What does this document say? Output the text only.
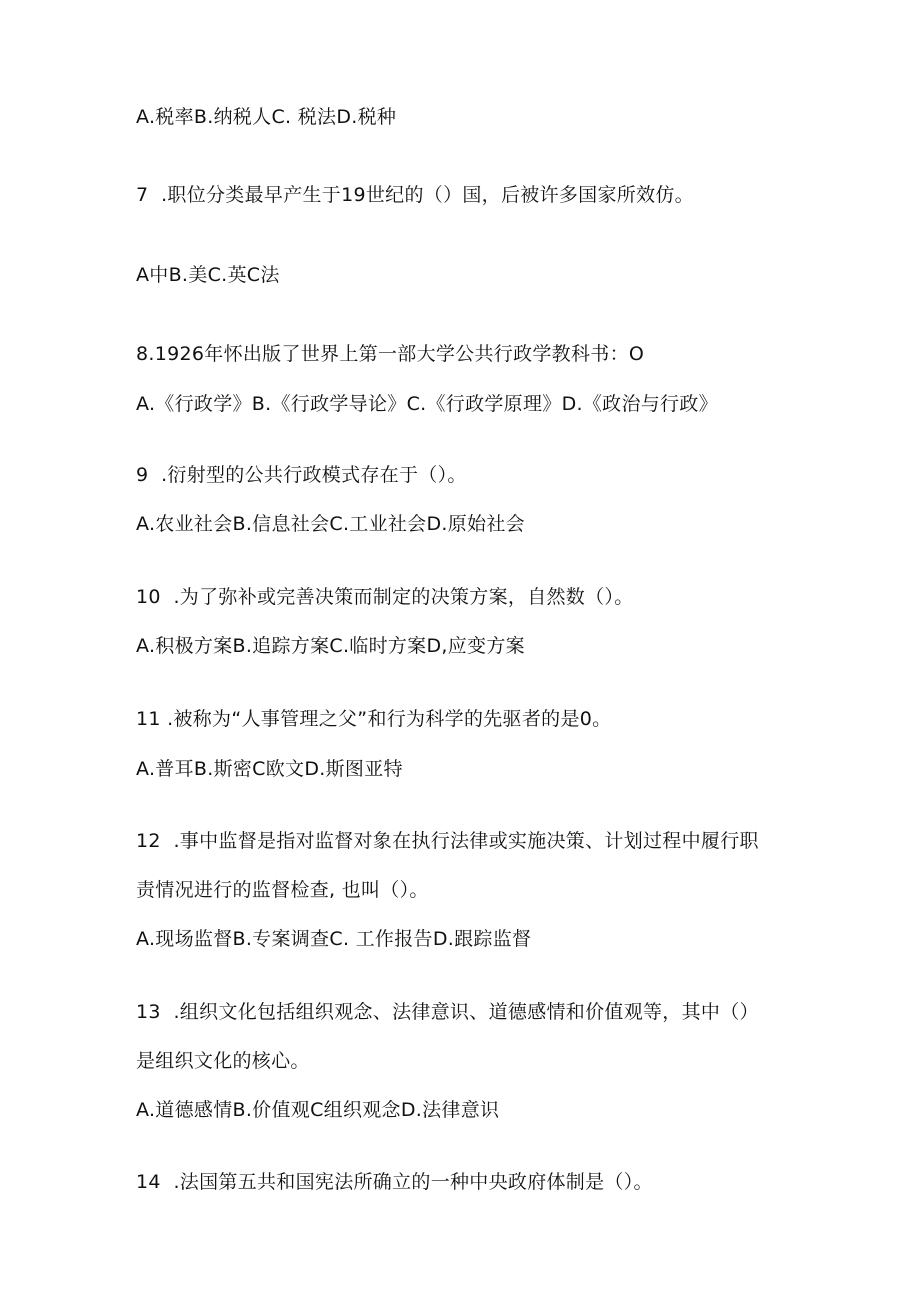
A.税率B.纳税人C. 税法D.税种
7  .职位分类最早产生于19世纪的（）国，后被许多国家所效仿。
A中B.美C.英C法
8.1926年怀出版了世界上第一部大学公共行政学教科书：O
A.《行政学》B.《行政学导论》C.《行政学原理》D.《政治与行政》
9  .衍射型的公共行政模式存在于（）。
A.农业社会B.信息社会C.工业社会D.原始社会
10  .为了弥补或完善决策而制定的决策方案，自然数（）。
A.积极方案B.追踪方案C.临时方案D,应变方案
11 .被称为“人事管理之父”和行为科学的先驱者的是0。
A.普耳B.斯密C欧文D.斯图亚特
12  .事中监督是指对监督对象在执行法律或实施决策、计划过程中履行职
责情况进行的监督检查, 也叫（）。
A.现场监督B.专案调查C. 工作报告D.跟踪监督
13  .组织文化包括组织观念、法律意识、道德感情和价值观等，其中（）
是组织文化的核心。
A.道德感情B.价值观C组织观念D.法律意识
14  .法国第五共和国宪法所确立的一种中央政府体制是（）。
